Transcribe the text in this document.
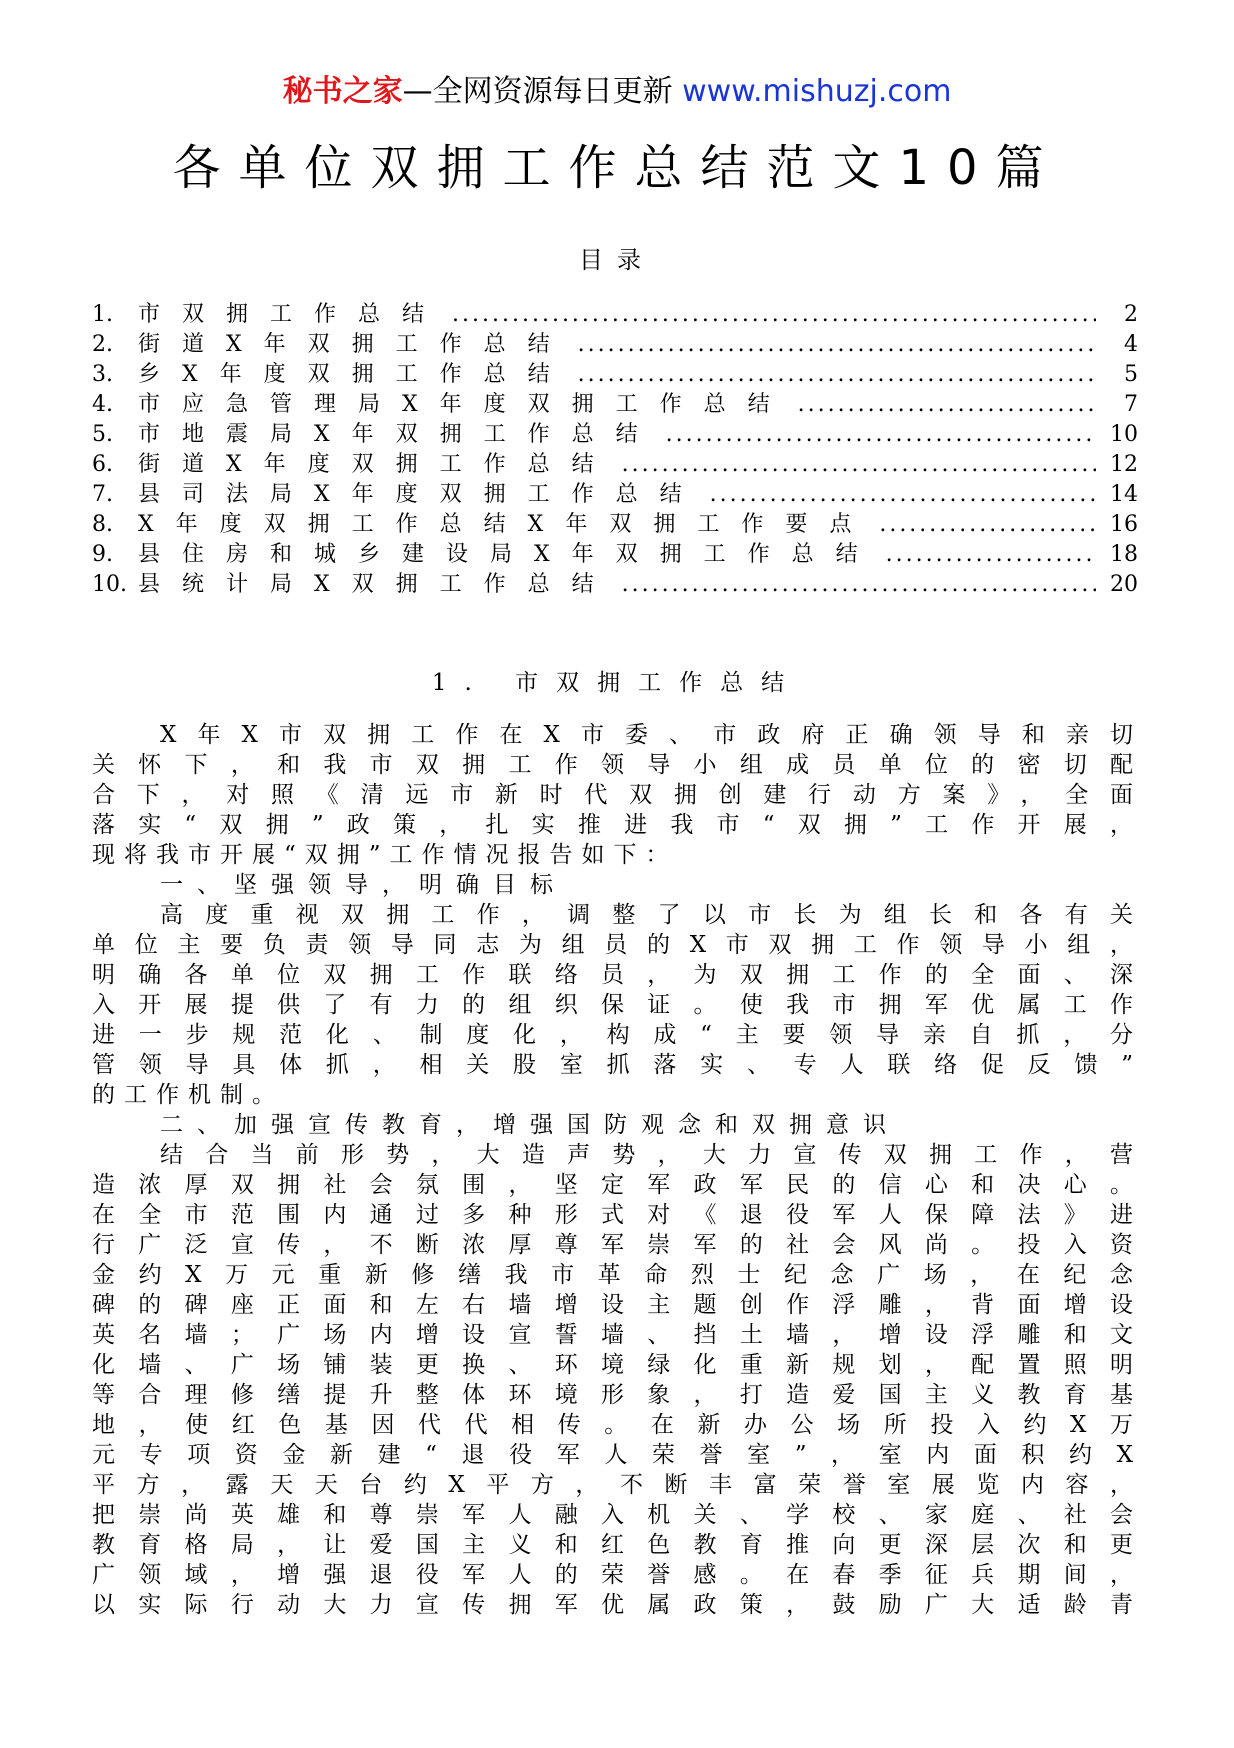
秘书之家—全网资源每日更新 www.mishuzj.com
各单位双拥工作总结范文10篇
目录
1.	市双拥工作总结 .....	2
2.	街道X年双拥工作总结 .....	4
3.	乡X年度双拥工作总结 .....	5
4.	市应急管理局X年度双拥工作总结 .....	7
5.	市地震局X年双拥工作总结 .....	10
6.	街道X年度双拥工作总结 .....	12
7.	县司法局X年度双拥工作总结 .....	14
8.	X年度双拥工作总结X年双拥工作要点 .....	16
9.	县住房和城乡建设局X年双拥工作总结 .....	18
10. 县统计局X双拥工作总结 .....	20
1. 市双拥工作总结

X年X市双拥工作在X市委、市政府正确领导和亲切

关怀下，和我市双拥工作领导小组成员单位的密切配

合下，对照《清远市新时代双拥创建行动方案》，全面

落实“双拥”政策，扎实推进我市“双拥”工作开展，

现将我市开展“双拥”工作情况报告如下：

一、坚强领导，明确目标

高度重视双拥工作，调整了以市长为组长和各有关

单位主要负责领导同志为组员的X市双拥工作领导小组，

明确各单位双拥工作联络员，为双拥工作的全面、深

入开展提供了有力的组织保证。使我市拥军优属工作

进一步规范化、制度化，构成“主要领导亲自抓，分

管领导具体抓，相关股室抓落实、专人联络促反馈”

的工作机制。

二、加强宣传教育，增强国防观念和双拥意识

结合当前形势，大造声势，大力宣传双拥工作，营

造浓厚双拥社会氛围，坚定军政军民的信心和决心。

在全市范围内通过多种形式对《退役军人保障法》进

行广泛宣传，不断浓厚尊军崇军的社会风尚。投入资

金约X万元重新修缮我市革命烈士纪念广场，在纪念

碑的碑座正面和左右墙增设主题创作浮雕，背面增设

英名墙；广场内增设宣誓墙、挡土墙，增设浮雕和文

化墙、广场铺装更换、环境绿化重新规划，配置照明

等合理修缮提升整体环境形象，打造爱国主义教育基

地，使红色基因代代相传。在新办公场所投入约X万

元专项资金新建“退役军人荣誉室”，室内面积约X

平方，露天天台约X平方，不断丰富荣誉室展览内容，

把崇尚英雄和尊崇军人融入机关、学校、家庭、社会

教育格局，让爱国主义和红色教育推向更深层次和更

广领域，增强退役军人的荣誉感。在春季征兵期间，

以实际行动大力宣传拥军优属政策，鼓励广大适龄青
